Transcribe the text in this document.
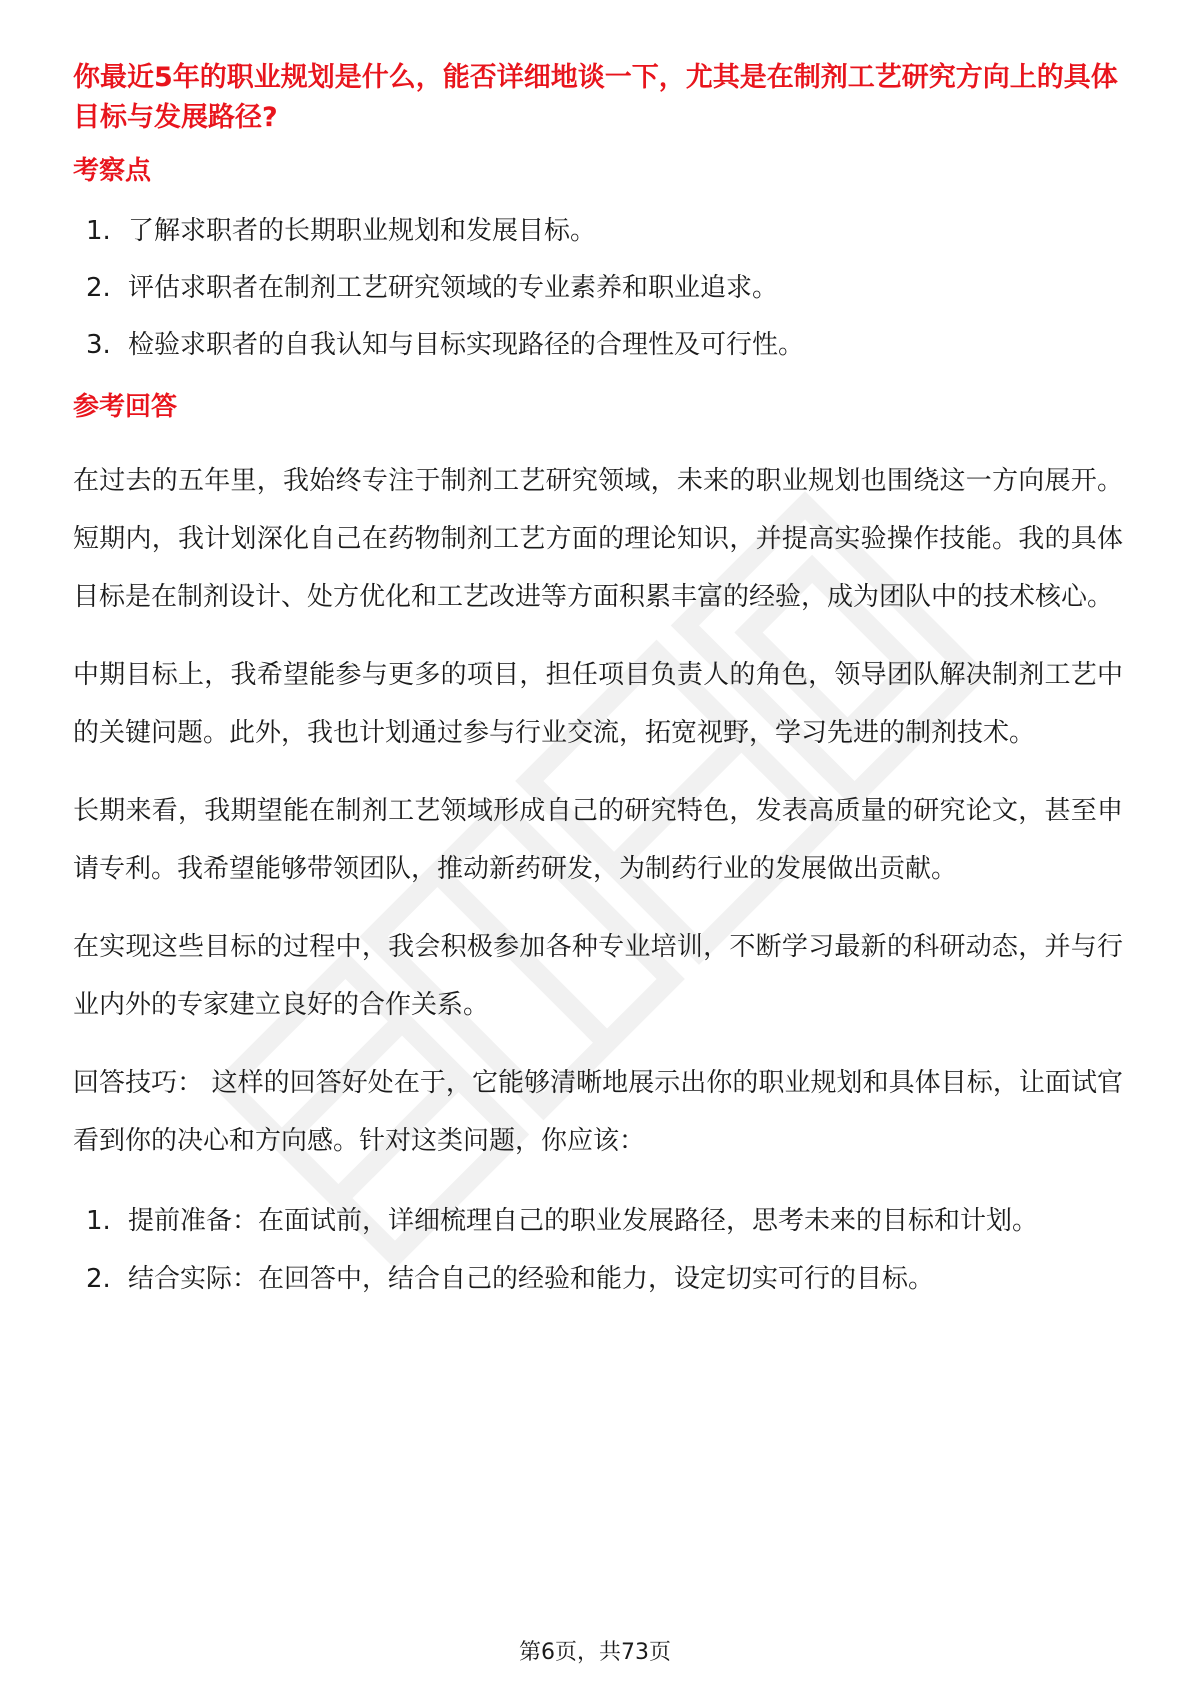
你最近5年的职业规划是什么，能否详细地谈一下，尤其是在制剂工艺研究方向上的具体目标与发展路径?

考察点

1. 了解求职者的长期职业规划和发展目标。
2. 评估求职者在制剂工艺研究领域的专业素养和职业追求。
3. 检验求职者的自我认知与目标实现路径的合理性及可行性。

参考回答

在过去的五年里，我始终专注于制剂工艺研究领域，未来的职业规划也围绕这一方向展开。短期内，我计划深化自己在药物制剂工艺方面的理论知识，并提高实验操作技能。我的具体目标是在制剂设计、处方优化和工艺改进等方面积累丰富的经验，成为团队中的技术核心。

中期目标上，我希望能参与更多的项目，担任项目负责人的角色，领导团队解决制剂工艺中的关键问题。此外，我也计划通过参与行业交流，拓宽视野，学习先进的制剂技术。

长期来看，我期望能在制剂工艺领域形成自己的研究特色，发表高质量的研究论文，甚至申请专利。我希望能够带领团队，推动新药研发，为制药行业的发展做出贡献。

在实现这些目标的过程中，我会积极参加各种专业培训，不断学习最新的科研动态，并与行业内外的专家建立良好的合作关系。

回答技巧： 这样的回答好处在于，它能够清晰地展示出你的职业规划和具体目标，让面试官看到你的决心和方向感。针对这类问题，你应该：

1. 提前准备：在面试前，详细梳理自己的职业发展路径，思考未来的目标和计划。
2. 结合实际：在回答中，结合自己的经验和能力，设定切实可行的目标。
第6页，共73页
